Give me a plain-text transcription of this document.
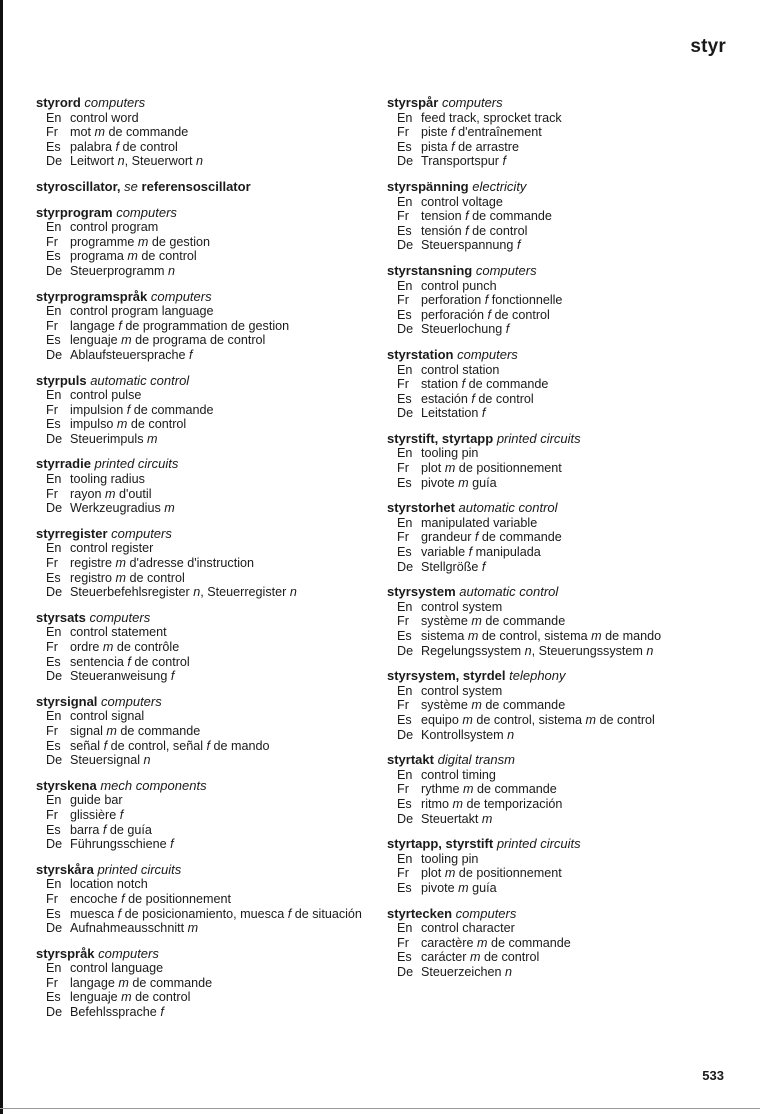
styr
styrord computers
En control word
Fr mot m de commande
Es palabra f de control
De Leitwort n, Steuerwort n
styroscillator, se referensoscillator
styrprogram computers
En control program
Fr programme m de gestion
Es programa m de control
De Steuerprogramm n
styrprogramspråk computers
En control program language
Fr langage f de programmation de gestion
Es lenguaje m de programa de control
De Ablaufsteuersprache f
styrpuls automatic control
En control pulse
Fr impulsion f de commande
Es impulso m de control
De Steuerimpuls m
styrradie printed circuits
En tooling radius
Fr rayon m d'outil
De Werkzeugradius m
styrregister computers
En control register
Fr registre m d'adresse d'instruction
Es registro m de control
De Steuerbefehlsregister n, Steuerregister n
styrsats computers
En control statement
Fr ordre m de contrôle
Es sentencia f de control
De Steueranweisung f
styrsignal computers
En control signal
Fr signal m de commande
Es señal f de control, señal f de mando
De Steuersignal n
styrskena mech components
En guide bar
Fr glissière f
Es barra f de guía
De Führungsschiene f
styrskåra printed circuits
En location notch
Fr encoche f de positionnement
Es muesca f de posicionamiento, muesca f de situación
De Aufnahmeausschnitt m
styrspråk computers
En control language
Fr langage m de commande
Es lenguaje m de control
De Befehlssprache f
styrspår computers
En feed track, sprocket track
Fr piste f d'entraînement
Es pista f de arrastre
De Transportspur f
styrspänning electricity
En control voltage
Fr tension f de commande
Es tensión f de control
De Steuerspannung f
styrstansning computers
En control punch
Fr perforation f fonctionnelle
Es perforación f de control
De Steuerlochung f
styrstation computers
En control station
Fr station f de commande
Es estación f de control
De Leitstation f
styrstift, styrtapp printed circuits
En tooling pin
Fr plot m de positionnement
Es pivote m guía
styrstorhet automatic control
En manipulated variable
Fr grandeur f de commande
Es variable f manipulada
De Stellgröße f
styrsystem automatic control
En control system
Fr système m de commande
Es sistema m de control, sistema m de mando
De Regelungssystem n, Steuerungssystem n
styrsystem, styrdel telephony
En control system
Fr système m de commande
Es equipo m de control, sistema m de control
De Kontrollsystem n
styrtakt digital transm
En control timing
Fr rythme m de commande
Es ritmo m de temporización
De Steuertakt m
styrtapp, styrstift printed circuits
En tooling pin
Fr plot m de positionnement
Es pivote m guía
styrtecken computers
En control character
Fr caractère m de commande
Es carácter m de control
De Steuerzeichen n
533
